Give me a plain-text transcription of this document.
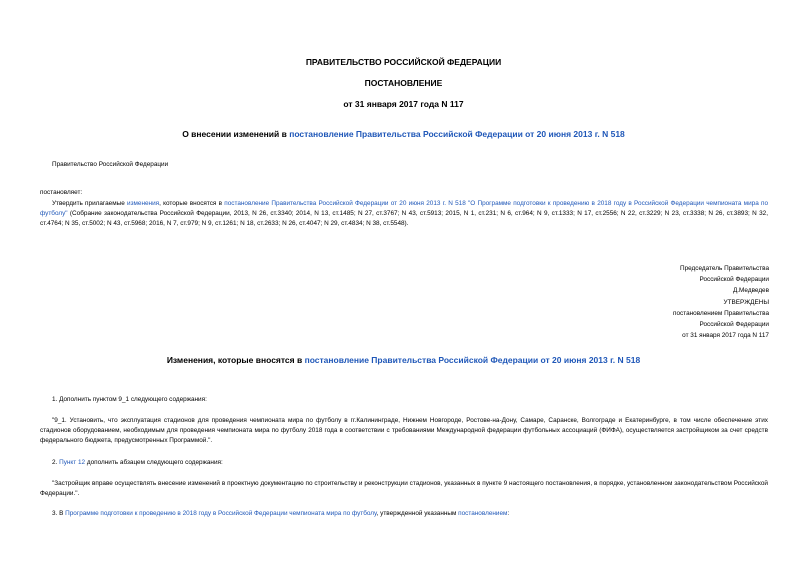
ПРАВИТЕЛЬСТВО РОССИЙСКОЙ ФЕДЕРАЦИИ
ПОСТАНОВЛЕНИЕ
от 31 января 2017 года N 117
О внесении изменений в постановление Правительства Российской Федерации от 20 июня 2013 г. N 518
Правительство Российской Федерации
постановляет:
Утвердить прилагаемые изменения, которые вносятся в постановление Правительства Российской Федерации от 20 июня 2013 г. N 518 "О Программе подготовки к проведению в 2018 году в Российской Федерации чемпионата мира по футболу" (Собрание законодательства Российской Федерации, 2013, N 26, ст.3340; 2014, N 13, ст.1485; N 27, ст.3767; N 43, ст.5913; 2015, N 1, ст.231; N 6, ст.964; N 9, ст.1333; N 17, ст.2556; N 22, ст.3229; N 23, ст.3338; N 26, ст.3893; N 32, ст.4764; N 35, ст.5002; N 43, ст.5968; 2016, N 7, ст.979; N 9, ст.1261; N 18, ст.2633; N 26, ст.4047; N 29, ст.4834; N 38, ст.5548).
Председатель Правительства
Российской Федерации
Д.Медведев
УТВЕРЖДЕНЫ
постановлением Правительства
Российской Федерации
от 31 января 2017 года N 117
Изменения, которые вносятся в постановление Правительства Российской Федерации от 20 июня 2013 г. N 518
1. Дополнить пунктом 9_1 следующего содержания:
"9_1. Установить, что эксплуатация стадионов для проведения чемпионата мира по футболу в гг.Калининграде, Нижнем Новгороде, Ростове-на-Дону, Самаре, Саранске, Волгограде и Екатеринбурге, в том числе обеспечение этих стадионов оборудованием, необходимым для проведения чемпионата мира по футболу 2018 года в соответствии с требованиями Международной федерации футбольных ассоциаций (ФИФА), осуществляется застройщиком за счет средств федерального бюджета, предусмотренных Программой.".
2. Пункт 12 дополнить абзацем следующего содержания:
"Застройщик вправе осуществлять внесение изменений в проектную документацию по строительству и реконструкции стадионов, указанных в пункте 9 настоящего постановления, в порядке, установленном законодательством Российской Федерации.".
3. В Программе подготовки к проведению в 2018 году в Российской Федерации чемпионата мира по футболу, утвержденной указанным постановлением:
